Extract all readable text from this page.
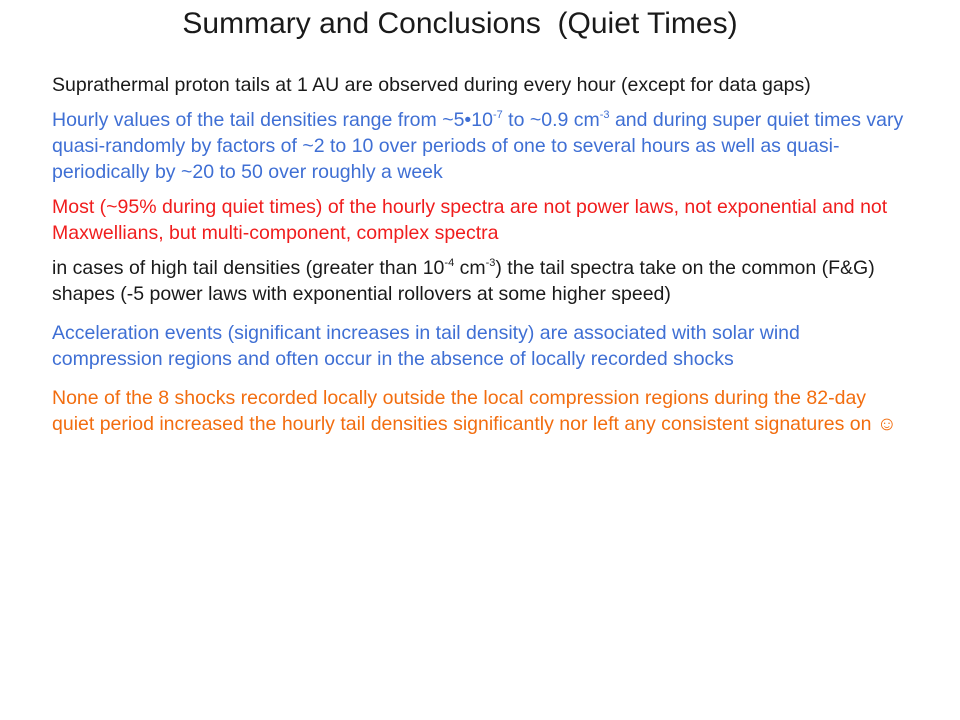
Summary and Conclusions  (Quiet Times)

Suprathermal proton tails at 1 AU are observed during every hour (except for data gaps)

Hourly values of the tail densities range from $\sim 5•10^{-7}$ to ~0.9 $cm^{-3}$ and during super quiet times vary quasi-randomly by factors of ~2 to 10 over periods of one to several hours as well as quasi-periodically by ~20 to 50 over roughly a week

Most (~95% during quiet times) of the hourly spectra are not power laws, not exponential and not Maxwellians, but multi-component, complex spectra

in cases of high tail densities (greater than $10^{-4}$ $cm^{-3}$) the tail spectra take on the common (F&G) shapes (-5 power laws with exponential rollovers at some higher speed)

Acceleration events (significant increases in tail density) are associated with solar wind compression regions and often occur in the absence of locally recorded shocks

None of the 8 shocks recorded locally outside the local compression regions during the 82-day quiet period increased the hourly tail densities significantly nor left any consistent signatures on ☺
